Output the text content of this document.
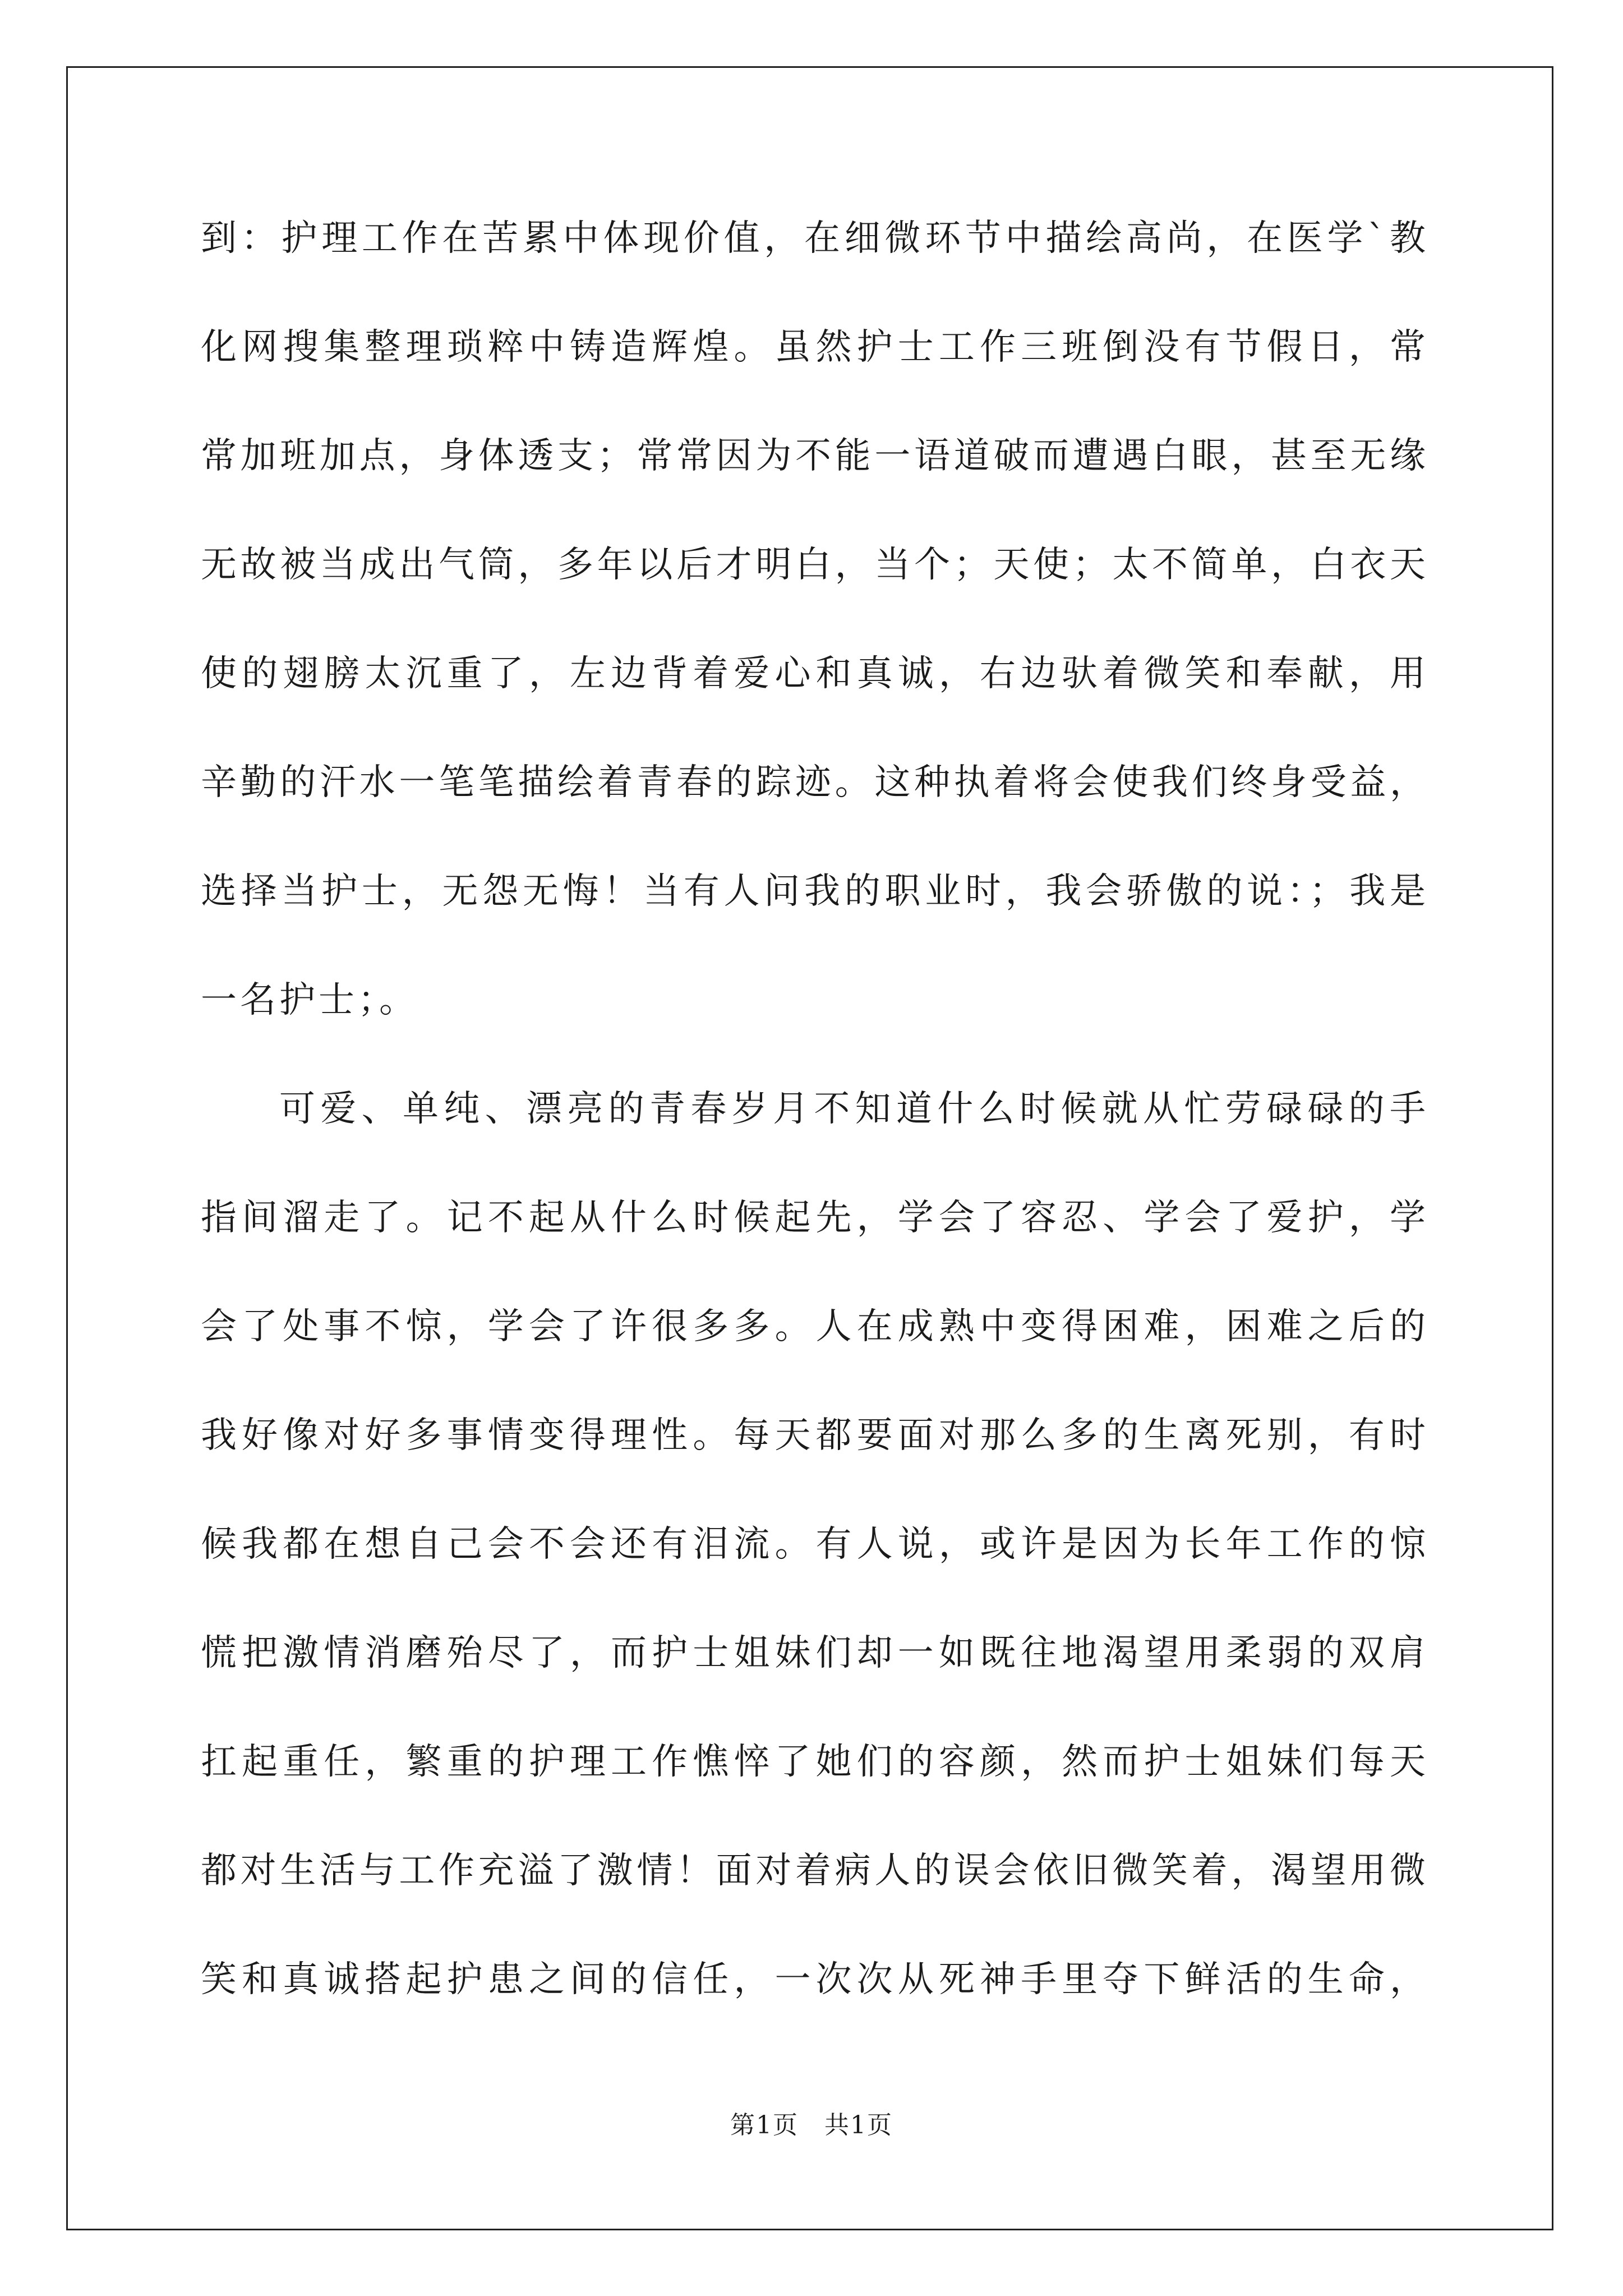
到：护理工作在苦累中体现价值，在细微环节中描绘高尚，在医学`教
化网搜集整理琐粹中铸造辉煌。虽然护士工作三班倒没有节假日，常
常加班加点，身体透支；常常因为不能一语道破而遭遇白眼，甚至无缘
无故被当成出气筒，多年以后才明白，当个；天使；太不简单，白衣天
使的翅膀太沉重了，左边背着爱心和真诚，右边驮着微笑和奉献，用
辛勤的汗水一笔笔描绘着青春的踪迹。这种执着将会使我们终身受益，
选择当护士，无怨无悔！当有人问我的职业时，我会骄傲的说：；我是
一名护士；。
可爱、单纯、漂亮的青春岁月不知道什么时候就从忙劳碌碌的手
指间溜走了。记不起从什么时候起先，学会了容忍、学会了爱护，学
会了处事不惊，学会了许很多多。人在成熟中变得困难，困难之后的
我好像对好多事情变得理性。每天都要面对那么多的生离死别，有时
候我都在想自己会不会还有泪流。有人说，或许是因为长年工作的惊
慌把激情消磨殆尽了，而护士姐妹们却一如既往地渴望用柔弱的双肩
扛起重任，繁重的护理工作憔悴了她们的容颜，然而护士姐妹们每天
都对生活与工作充溢了激情！面对着病人的误会依旧微笑着，渴望用微
笑和真诚搭起护患之间的信任，一次次从死神手里夺下鲜活的生命，
第1页　共1页
